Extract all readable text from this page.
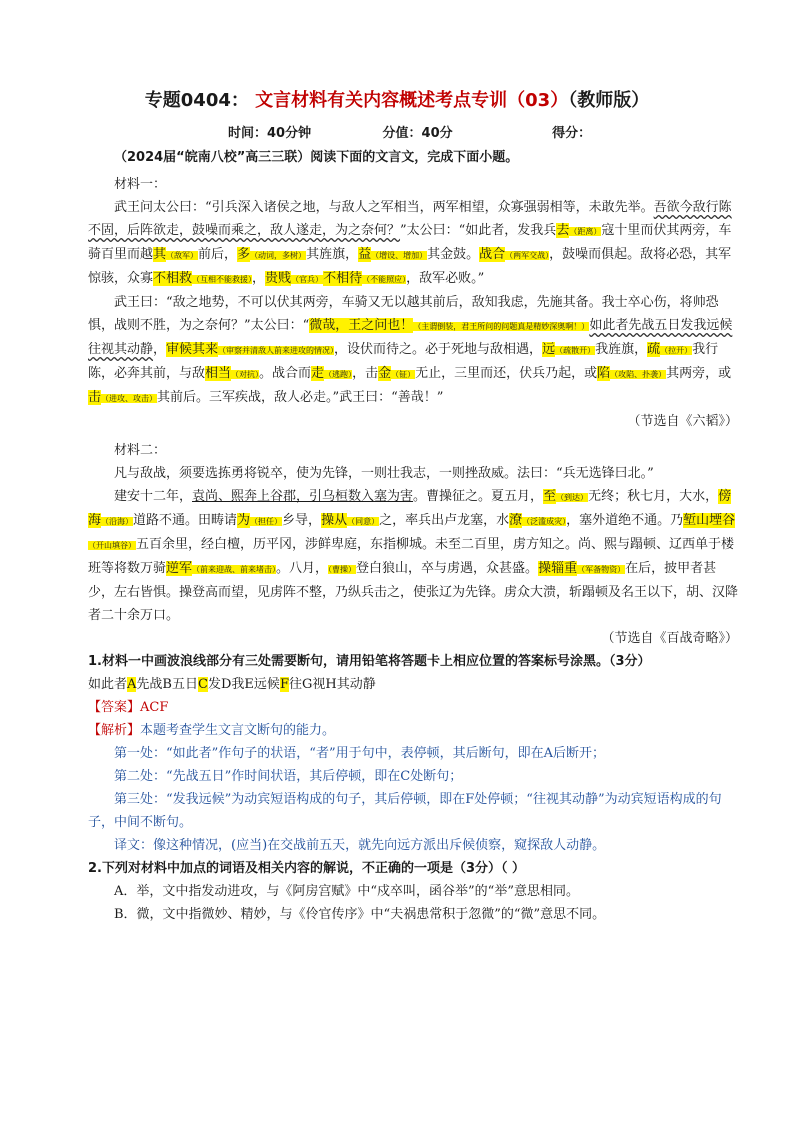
专题0404： 文言材料有关内容概述考点专训（03）（教师版）
时间：40分钟	分值：40分	得分：

（2024届“皖南八校”高三三联）阅读下面的文言文，完成下面小题。

材料一：

武王问太公曰：“引兵深入诸侯之地，与敌人之军相当，两军相望，众寡强弱相等，未敢先举。吾欲今敌行陈不固，后阵欲走，鼓噪而乘之，敌人遂走，为之奈何？”太公曰：“如此者，发我兵去（距离）寇十里而伏其两旁，车骑百里而越其（敌军）前后，多（动词，多树）其旌旗，益（增设、增加）其金鼓。战合（两军交战），鼓噪而俱起。敌将必恐，其军惊骇，众寡不相救（互相不能救援），贵贱（官兵）不相待（不能照应），敌军必败。”

武王曰：“敌之地势，不可以伏其两旁，车骑又无以越其前后，敌知我虑，先施其备。我士卒心伤，将帅恐惧，战则不胜，为之奈何？”太公曰：“微哉，王之问也！（主谓倒装，君王所问的问题真是精妙深奥啊！）如此者先战五日发我远候往视其动静，审候其来（审察并清敌人前来进攻的情况），设伏而待之。必于死地与敌相遇，远（疏散开）我旌旗，疏（拉开）我行陈，必奔其前，与敌相当（对抗）。战合而走（逃跑），击金（钲）无止，三里而还，伏兵乃起，或陷（攻陷、扑袭）其两旁，或击（进攻、攻击）其前后。三军疾战，敌人必走。”武王曰：“善哉！”

（节选自《六韬》）

材料二：

凡与敌战，须要选拣勇将锐卒，使为先锋，一则壮我志，一则挫敌威。法曰：“兵无选锋曰北。”

建安十二年，袁尚、熙奔上谷郡，引乌桓数入塞为害。曹操征之。夏五月，至（到达）无终；秋七月，大水，傍海（沿海）道路不通。田畴请为（担任）乡导，操从（同意）之，率兵出卢龙塞，水潦（泛滥成灾），塞外道绝不通。乃堑山堙谷（开山填谷）五百余里，经白檀，历平冈，涉鲜卑庭，东指柳城。未至二百里，虏方知之。尚、熙与蹋顿、辽西单于楼班等将数万骑逆军（前来迎战、前来堵击）。八月，（曹操）登白狼山，卒与虏遇，众甚盛。操辎重（军备物资）在后，披甲者甚少，左右皆惧。操登高而望，见虏阵不整，乃纵兵击之，使张辽为先锋。虏众大溃，斩蹋顿及名王以下，胡、汉降者二十余万口。

（节选自《百战奇略》）

1.材料一中画波浪线部分有三处需要断句，请用铅笔将答题卡上相应位置的答案标号涂黑。（3分）

如此者A先战B五日C发D我E远候F往G视H其动静

【答案】ACF

【解析】本题考查学生文言文断句的能力。

第一处：“如此者”作句子的状语，“者”用于句中，表停顿，其后断句，即在A后断开；

第二处：“先战五日”作时间状语，其后停顿，即在C处断句；

第三处：“发我远候”为动宾短语构成的句子，其后停顿，即在F处停顿；“往视其动静”为动宾短语构成的句子，中间不断句。

译文：像这种情况，(应当)在交战前五天，就先向远方派出斥候侦察，窥探敌人动静。

2.下列对材料中加点的词语及相关内容的解说，不正确的一项是（3分）（ ）

A．举，文中指发动进攻，与《阿房宫赋》中“戍卒叫，函谷举”的“举”意思相同。

B．微，文中指微妙、精妙，与《伶官传序》中“夫祸患常积于忽微”的“微”意思不同。
